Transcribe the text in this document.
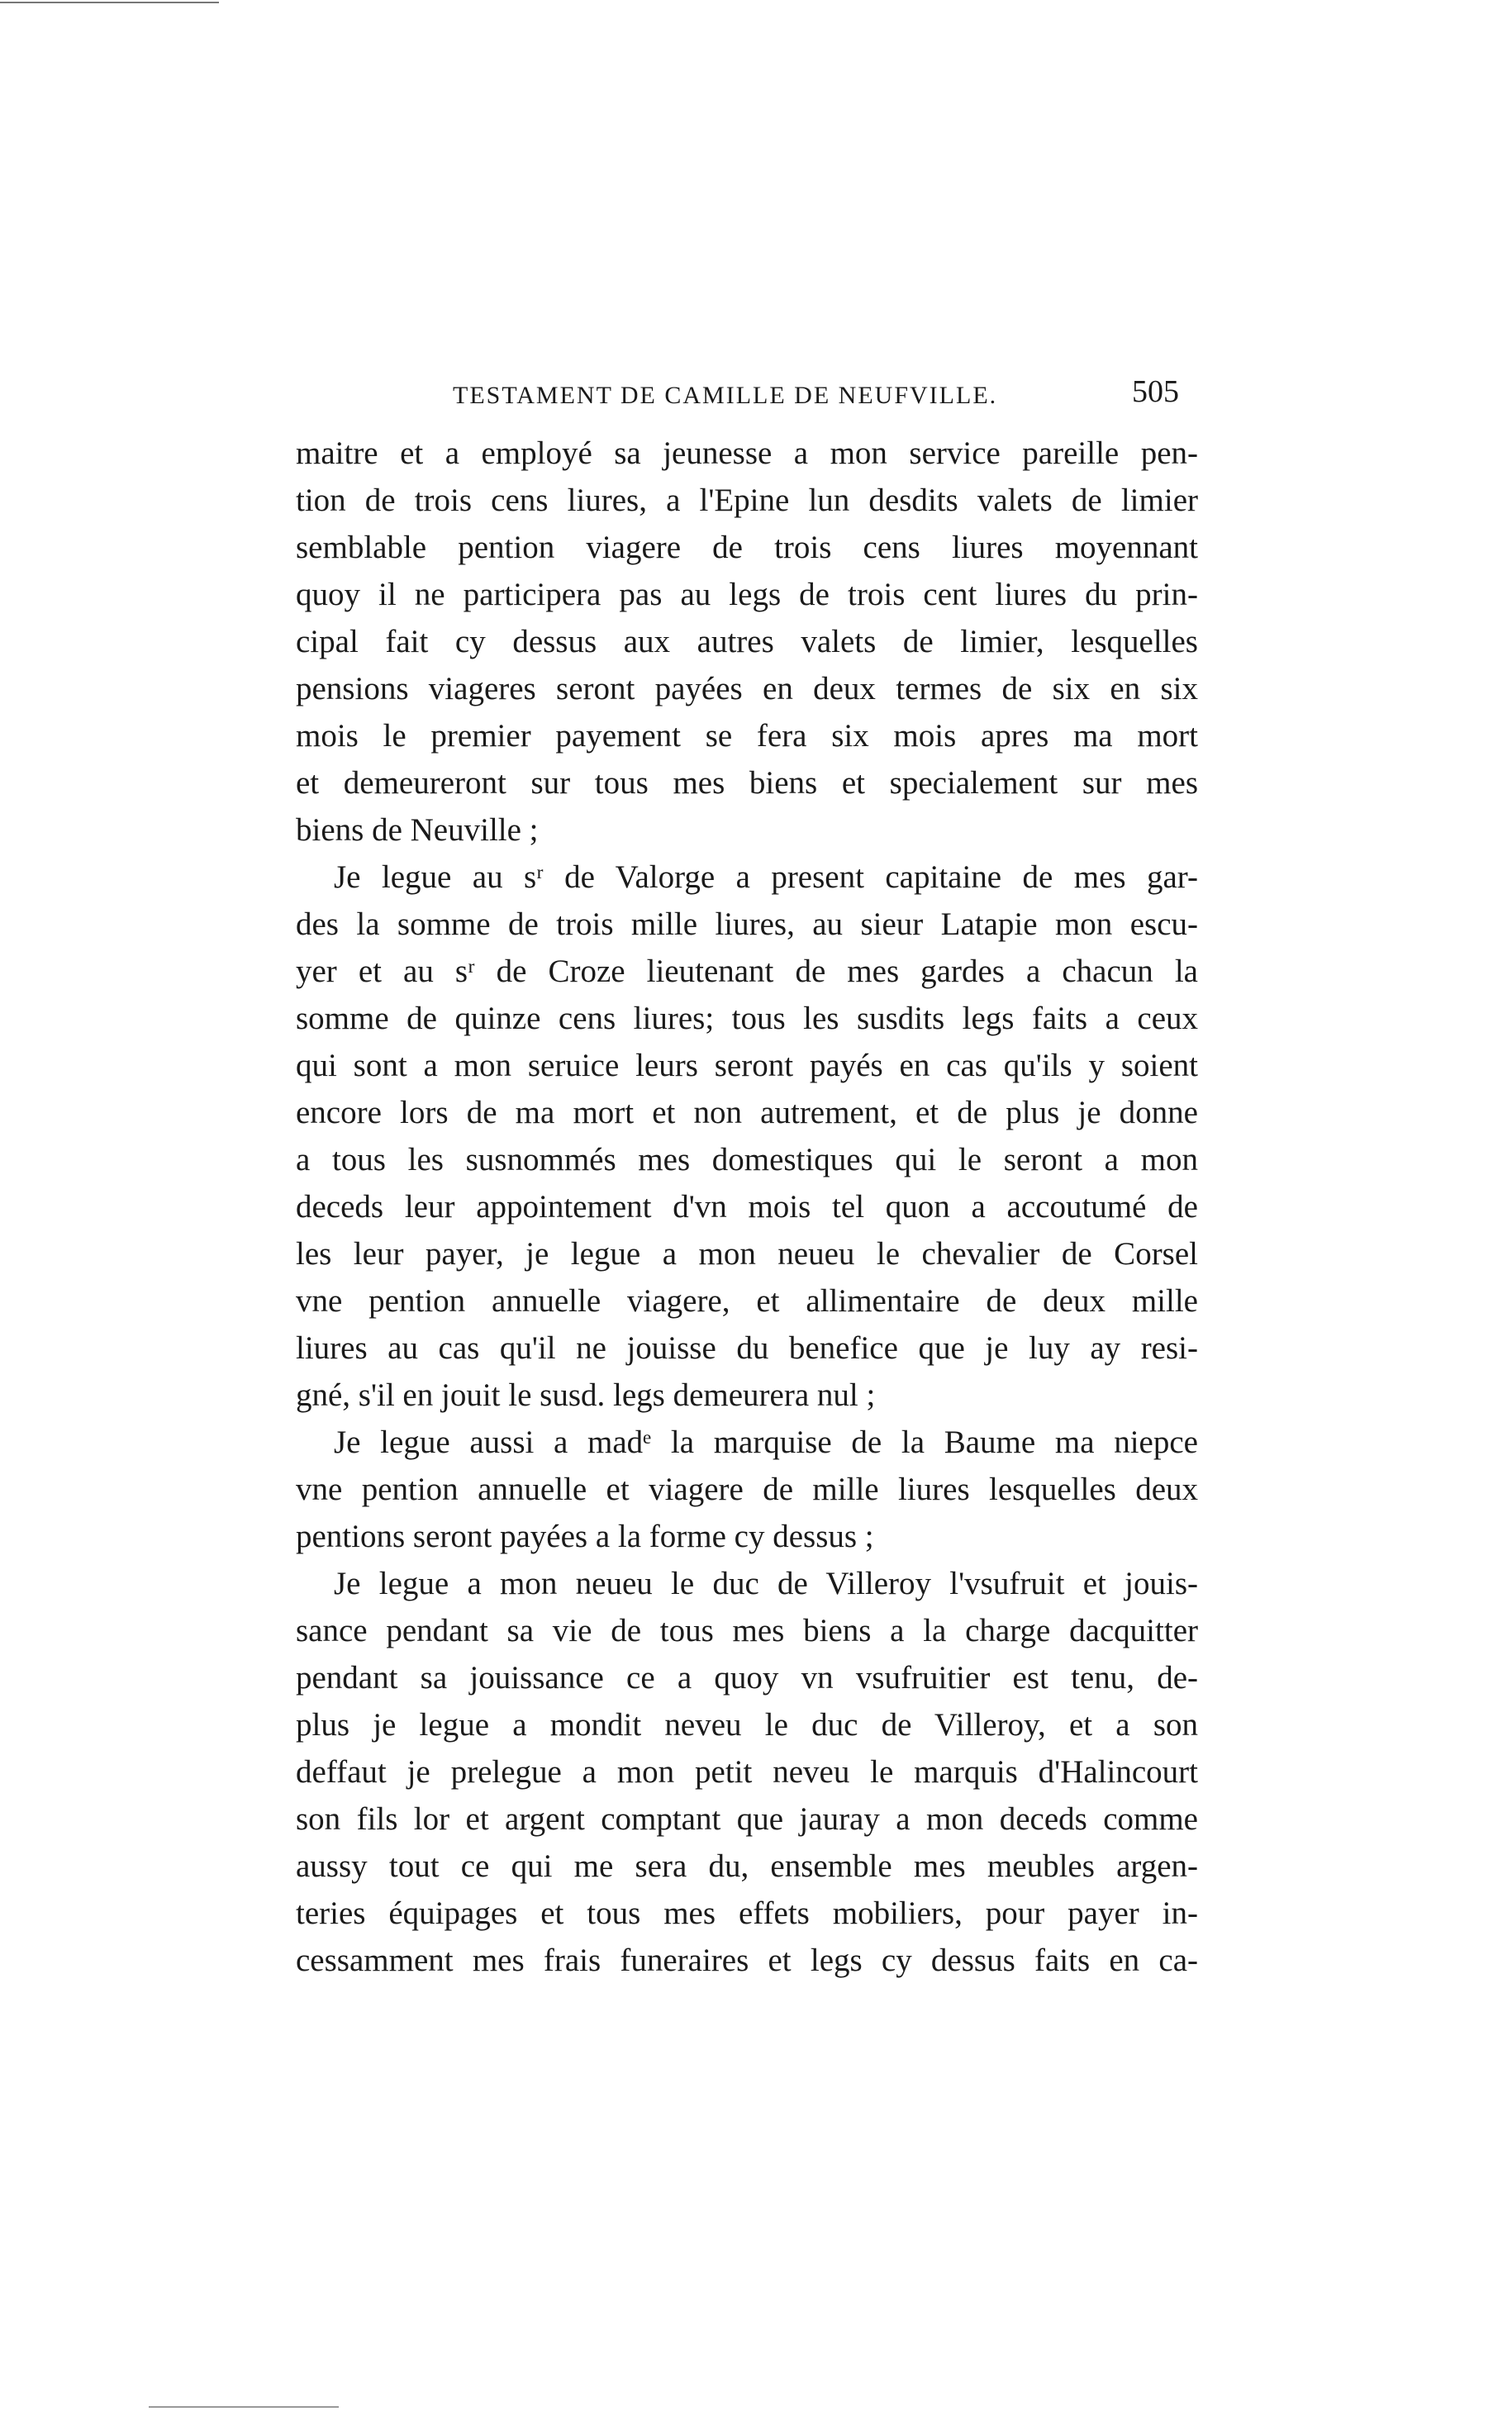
TESTAMENT DE CAMILLE DE NEUFVILLE.	505
maitre et a employé sa jeunesse a mon service pareille pen-
tion de trois cens liures, a l'Epine lun desdits valets de limier
semblable pention viagere de trois cens liures moyennant
quoy il ne participera pas au legs de trois cent liures du prin-
cipal fait cy dessus aux autres valets de limier, lesquelles
pensions viageres seront payées en deux termes de six en six
mois le premier payement se fera six mois apres ma mort
et demeureront sur tous mes biens et specialement sur mes
biens de Neuville ;
Je legue au sʳ de Valorge a present capitaine de mes gar-
des la somme de trois mille liures, au sieur Latapie mon escu-
yer et au sʳ de Croze lieutenant de mes gardes a chacun la
somme de quinze cens liures; tous les susdits legs faits a ceux
qui sont a mon seruice leurs seront payés en cas qu'ils y soient
encore lors de ma mort et non autrement, et de plus je donne
a tous les susnommés mes domestiques qui le seront a mon
deceds leur appointement d'vn mois tel quon a accoutumé de
les leur payer, je legue a mon neueu le chevalier de Corsel
vne pention annuelle viagere, et allimentaire de deux mille
liures au cas qu'il ne jouisse du benefice que je luy ay resi-
gné, s'il en jouit le susd. legs demeurera nul ;
Je legue aussi a madᵉ la marquise de la Baume ma niepce
vne pention annuelle et viagere de mille liures lesquelles deux
pentions seront payées a la forme cy dessus ;
Je legue a mon neueu le duc de Villeroy l'vsufruit et jouis-
sance pendant sa vie de tous mes biens a la charge dacquitter
pendant sa jouissance ce a quoy vn vsufruitier est tenu, de-
plus je legue a mondit neveu le duc de Villeroy, et a son
deffaut je prelegue a mon petit neveu le marquis d'Halincourt
son fils lor et argent comptant que jauray a mon deceds comme
aussy tout ce qui me sera du, ensemble mes meubles argen-
teries équipages et tous mes effets mobiliers, pour payer in-
cessamment mes frais funeraires et legs cy dessus faits en ca-
